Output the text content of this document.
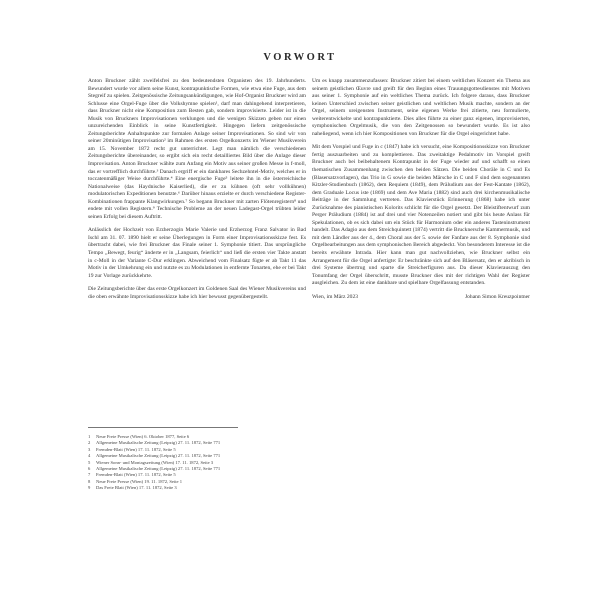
VORWORT

Anton Bruckner zählt zweifelsfrei zu den bedeutendsten Organisten des 19. Jahrhunderts. Bewundert wurde vor allem seine Kunst, kontrapunktische Formen, wie etwa eine Fuge, aus dem Stegreif zu spielen. Zeitgenössische Zeitungsankündigungen, wie Hof-Organist Bruckner wird am Schlusse eine Orgel-Fuge über die Volkshymne spielen¹, darf man dahingehend interpretieren, dass Bruckner nicht eine Komposition zum Besten gab, sondern improvisierte. Leider ist in die Musik von Bruckners Improvisationen verklungen und die wenigen Skizzen geben nur einen unzureichenden Einblick in seine Kunstfertigkeit. Hingegen liefern zeitgenössische Zeitungsberichte Anhaltspunkte zur formalen Anlage seiner Improvisationen. So sind wir von seiner 20minütigen Improvisation² im Rahmen des ersten Orgelkonzerts im Wiener Musikverein am 15. November 1872 recht gut unterrichtet. Legt man nämlich die verschiedenen Zeitungsberichte übereinander, so ergibt sich ein recht detailliertes Bild über die Anlage dieser Improvisation. Anton Bruckner wählte zum Anfang ein Motiv aus seiner großen Messe in f-moll, das er vortrefflich durchführte.³ Danach ergriff er ein dankbares Sechzehntel-Motiv, welches er in toccatenmäßiger Weise durchführte.⁴ Eine energische Fuge⁵ leitete ihn in die österreichische Nationalweise (das Haydnische Kaiserlied), die er zu kühnen (oft sehr vollkühnen) modulatorischen Expeditionen benutzte.⁶ Darüber hinaus erzielte er durch verschiedene Register-Kombinationen frappante Klangwirkungen.⁷ So begann Bruckner mit zarten Flötenregistern⁸ und endete mit vollen Registern.⁹ Technische Probleme an der neuen Ladegast-Orgel trübten leider seinen Erfolg bei diesem Auftritt.

Anlässlich der Hochzeit von Erzherzogin Marie Valerie und Erzherzog Franz Salvator in Bad Ischl am 31. 07. 1890 hielt er seine Überlegungen in Form einer Improvisationsskizze fest. Es übertracht dabei, wie frei Bruckner das Finale seiner 1. Symphonie titiert. Das ursprüngliche Tempo „Bewegt, feurig“ änderte er in „Langsam, feierlich“ und ließ die ersten vier Takte anstatt in c-Moll in der Variante C-Dur erklingen. Abweichend vom Finalsatz fügte er ab Takt 11 das Motiv in der Umkehrung ein und nutzte es zu Modulationen in entfernte Tonarten, ehe er bei Takt 19 zur Vorlage zurückkehrte.

Die Zeitungsberichte über das erste Orgelkonzert im Goldenen Saal des Wiener Musikvereins und die oben erwähnte Improvisationsskizze habe ich hier bewusst gegenübergestellt.

Um es knapp zusammenzufassen: Bruckner zitiert bei einem weltlichen Konzert ein Thema aus seinem geistlichen Œuvre und greift für den Beginn eines Trauungsgottesdienstes mit Motiven aus seiner 1. Symphonie auf ein weltliches Thema zurück. Ich folgere daraus, dass Bruckner keinen Unterschied zwischen seiner geistlichen und weltlichen Musik machte, sondern an der Orgel, seinem ureigensten Instrument, seine eigenen Werke frei zitierte, neu formulierte, weiterentwickelte und kontrapunktierte. Dies alles führte zu einer ganz eigenen, improvisierten, symphonischen Orgelmusik, die von den Zeitgenossen so bewundert wurde. Es ist also naheliegend, wenn ich hier Kompositionen von Bruckner für die Orgel eingerichtet habe.

Mit dem Vorspiel und Fuge in c (1847) habe ich versucht, eine Kompositionsskizze von Bruckner fertig auszuarbeiten und zu komplettieren. Das zweitaktige Pedalmotiv im Vorspiel greift Bruckner auch bei beibehaltenem Kontrapunkt in der Fuge wieder auf und schafft so einen thematischen Zusammenhang zwischen den beiden Sätzen. Die beiden Choräle in C und Es (Blasersatzvorlagen), das Trio in G sowie die beiden Märsche in C und F sind dem sogenannten Kitzler-Studienbuch (1862), dem Requiem (1849), dem Präludium aus der Fest-Kantate (1862), dem Graduale Locus iste (1869) und dem Ave Maria (1882) sind auch drei kirchenmusikalische Beiträge in der Sammlung vertreten. Das Klavierstück Erinnerung (1868) habe ich unter Zurücknahme des pianistischen Kolorits schlicht für die Orgel gesetzt. Der Bleistiftentwurf zum Perger Präludium (1884) ist auf drei und vier Notenzeilen notiert und gibt bis heute Anlass für Spekulationen, ob es sich dabei um ein Stück für Harmonium oder ein anderes Tasteninstrument handelt. Das Adagio aus dem Streichquintett (1874) vertritt die Brucknersche Kammermusik, und mit dem Ländler aus der 4., dem Choral aus der 5. sowie der Fanfare aus der 8. Symphonie sind Orgelbearbeitungen aus dem symphonischen Bereich abgedeckt. Von besonderem Interesse ist die bereits erwähnte Intrada. Hier kann man gut nachvollziehen, wie Bruckner selbst ein Arrangement für die Orgel anfertigte: Er beschränkte sich auf den Bläsersatz, den er akribisch in drei Systeme übertrug und sparte die Streicherfiguren aus. Da dieser Klavierauszug den Tonumfang der Orgel überschritt, musste Bruckner dies mit der richtigen Wahl der Register ausgleichen. Zu dem ist eine dankbare und spielbare Orgelfassung entstanden.

Wien, im März 2023	Johann Simon Kreuzpointner
1 Neue Freie Presse (Wien) 6. Oktober 1877, Seite 6
2 Allgemeine Musikalische Zeitung (Leipzig) 27. 11. 1872, Seite 771
3 Fremden-Blatt (Wien) 17. 11. 1872, Seite 5
4 Allgemeine Musikalische Zeitung (Leipzig) 27. 11. 1872, Seite 771
5 Wiener Sonn- und Montagszeitung (Wien) 17. 11. 1872, Seite 3
6 Allgemeine Musikalische Zeitung (Leipzig) 27. 11. 1872, Seite 771
7 Fremden-Blatt (Wien) 17. 11. 1872, Seite 5
8 Neue Freie Presse (Wien) 19. 11. 1872, Seite 1
9 Das Freie Blatt (Wien) 17. 11. 1872, Seite 3
